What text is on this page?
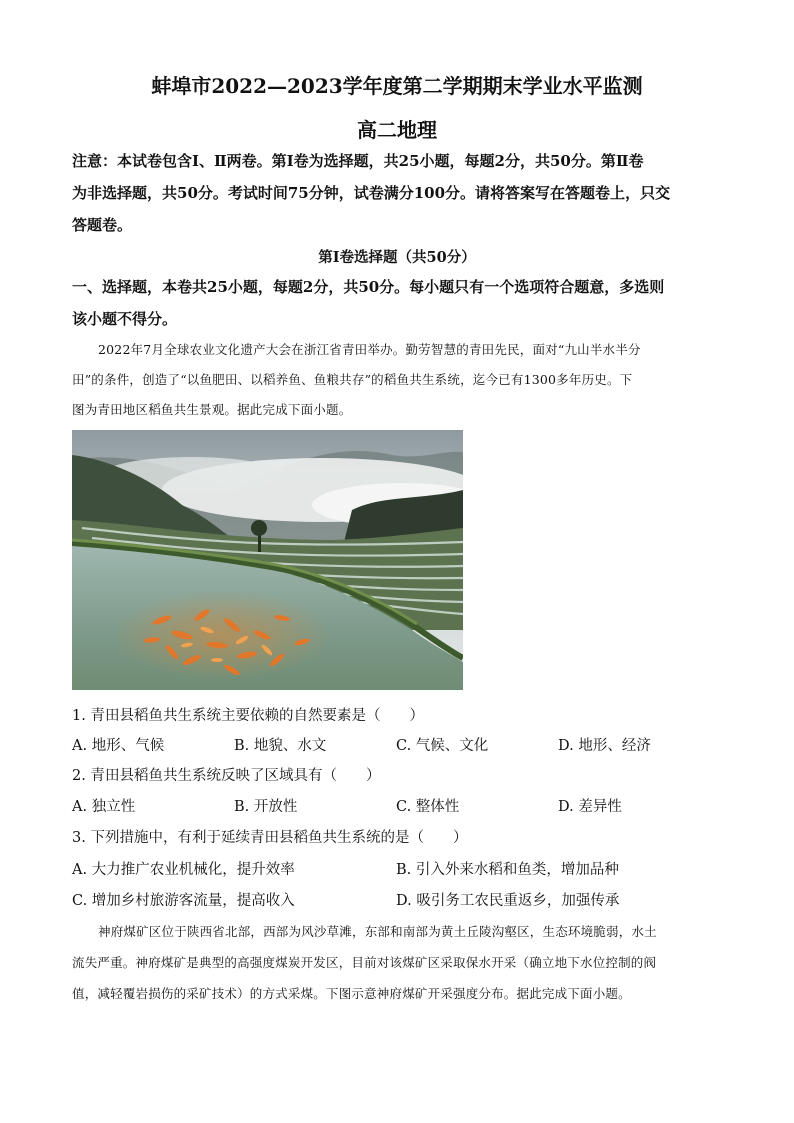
蚌埠市2022—2023学年度第二学期期末学业水平监测
高二地理
注意：本试卷包含Ⅰ、Ⅱ两卷。第Ⅰ卷为选择题，共25小题，每题2分，共50分。第Ⅱ卷
为非选择题，共50分。考试时间75分钟，试卷满分100分。请将答案写在答题卷上，只交
答题卷。
第Ⅰ卷选择题（共50分）
一、选择题，本卷共25小题，每题2分，共50分。每小题只有一个选项符合题意，多选则
该小题不得分。
2022年7月全球农业文化遗产大会在浙江省青田举办。勤劳智慧的青田先民，面对“九山半水半分
田”的条件，创造了“以鱼肥田、以稻养鱼、鱼粮共存”的稻鱼共生系统，迄今已有1300多年历史。下
图为青田地区稻鱼共生景观。据此完成下面小题。
1. 青田县稻鱼共生系统主要依赖的自然要素是（　　）
A. 地形、气候	B. 地貌、水文	C. 气候、文化	D. 地形、经济
2. 青田县稻鱼共生系统反映了区域具有（　　）
A. 独立性	B. 开放性	C. 整体性	D. 差异性
3. 下列措施中，有利于延续青田县稻鱼共生系统的是（　　）
A. 大力推广农业机械化，提升效率	B. 引入外来水稻和鱼类，增加品种
C. 增加乡村旅游客流量，提高收入	D. 吸引务工农民重返乡，加强传承
神府煤矿区位于陕西省北部，西部为风沙草滩，东部和南部为黄土丘陵沟壑区，生态环境脆弱，水土
流失严重。神府煤矿是典型的高强度煤炭开发区，目前对该煤矿区采取保水开采（确立地下水位控制的阀
值，减轻覆岩损伤的采矿技术）的方式采煤。下图示意神府煤矿开采强度分布。据此完成下面小题。
